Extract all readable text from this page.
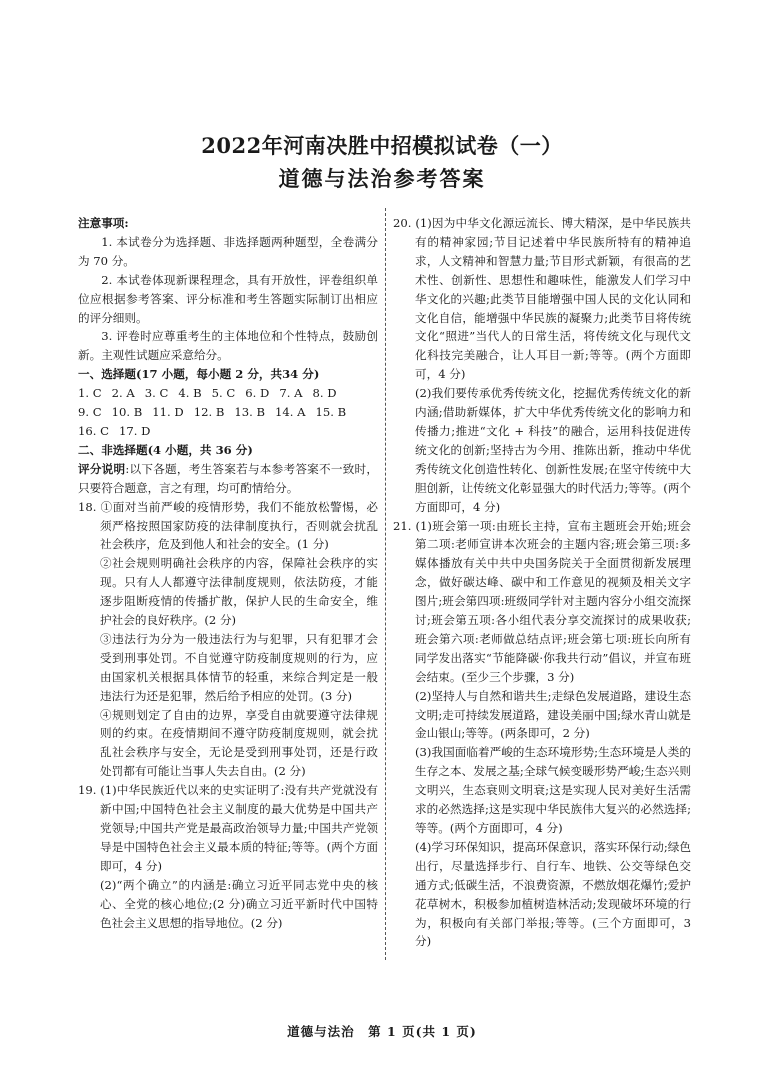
2022年河南决胜中招模拟试卷（一）
道德与法治参考答案

注意事项:

1. 本试卷分为选择题、非选择题两种题型，全卷满分为 70 分。

2. 本试卷体现新课程理念，具有开放性，评卷组织单位应根据参考答案、评分标准和考生答题实际制订出相应的评分细则。

3. 评卷时应尊重考生的主体地位和个性特点，鼓励创新。主观性试题应采意给分。

一、选择题(17 小题，每小题 2 分，共34 分)

1. C 2. A 3. C 4. B 5. C 6. D 7. A 8. D
9. C 10. B 11. D 12. B 13. B 14. A 15. B
16. C 17. D

二、非选择题(4 小题，共 36 分)

评分说明:以下各题，考生答案若与本参考答案不一致时，只要符合题意，言之有理，均可酌情给分。

18. ①面对当前严峻的疫情形势，我们不能放松警惕，必须严格按照国家防疫的法律制度执行，否则就会扰乱社会秩序，危及到他人和社会的安全。(1 分)

②社会规则明确社会秩序的内容，保障社会秩序的实现。只有人人都遵守法律制度规则，依法防疫，才能逐步阻断疫情的传播扩散，保护人民的生命安全，维护社会的良好秩序。(2 分)

③违法行为分为一般违法行为与犯罪，只有犯罪才会受到刑事处罚。不自觉遵守防疫制度规则的行为，应由国家机关根据具体情节的轻重，来综合判定是一般违法行为还是犯罪，然后给予相应的处罚。(3 分)

④规则划定了自由的边界，享受自由就要遵守法律规则的约束。在疫情期间不遵守防疫制度规则，就会扰乱社会秩序与安全，无论是受到刑事处罚，还是行政处罚都有可能让当事人失去自由。(2 分)

19. (1)中华民族近代以来的史实证明了:没有共产党就没有新中国;中国特色社会主义制度的最大优势是中国共产党领导;中国共产党是最高政治领导力量;中国共产党领导是中国特色社会主义最本质的特征;等等。(两个方面即可，4 分)

(2)“两个确立”的内涵是:确立习近平同志党中央的核心、全党的核心地位;(2 分)确立习近平新时代中国特色社会主义思想的指导地位。(2 分)

20. (1)因为中华文化源远流长、博大精深，是中华民族共有的精神家园;节目记述着中华民族所特有的精神追求，人文精神和智慧力量;节目形式新颖，有很高的艺术性、创新性、思想性和趣味性，能激发人们学习中华文化的兴趣;此类节目能增强中国人民的文化认同和文化自信，能增强中华民族的凝聚力;此类节目将传统文化“照进”当代人的日常生活，将传统文化与现代文化科技完美融合，让人耳目一新;等等。(两个方面即可，4 分)

(2)我们要传承优秀传统文化，挖掘优秀传统文化的新内涵;借助新媒体，扩大中华优秀传统文化的影响力和传播力;推进“文化 + 科技”的融合，运用科技促进传统文化的创新;坚持古为今用、推陈出新，推动中华优秀传统文化创造性转化、创新性发展;在坚守传统中大胆创新，让传统文化彰显强大的时代活力;等等。(两个方面即可，4 分)

21. (1)班会第一项:由班长主持，宣布主题班会开始;班会第二项:老师宣讲本次班会的主题内容;班会第三项:多媒体播放有关中共中央国务院关于全面贯彻新发展理念，做好碳达峰、碳中和工作意见的视频及相关文字图片;班会第四项:班级同学针对主题内容分小组交流探讨;班会第五项:各小组代表分享交流探讨的成果收获;班会第六项:老师做总结点评;班会第七项:班长向所有同学发出落实“节能降碳·你我共行动”倡议，并宣布班会结束。(至少三个步骤，3 分)

(2)坚持人与自然和谐共生;走绿色发展道路，建设生态文明;走可持续发展道路，建设美丽中国;绿水青山就是金山银山;等等。(两条即可，2 分)

(3)我国面临着严峻的生态环境形势;生态环境是人类的生存之本、发展之基;全球气候变暖形势严峻;生态兴则文明兴，生态衰则文明衰;这是实现人民对美好生活需求的必然选择;这是实现中华民族伟大复兴的必然选择;等等。(两个方面即可，4 分)

(4)学习环保知识，提高环保意识，落实环保行动;绿色出行，尽量选择步行、自行车、地铁、公交等绿色交通方式;低碳生活，不浪费资源，不燃放烟花爆竹;爱护花草树木，积极参加植树造林活动;发现破坏环境的行为，积极向有关部门举报;等等。(三个方面即可，3 分)

道德与法治　第 1 页(共 1 页)
